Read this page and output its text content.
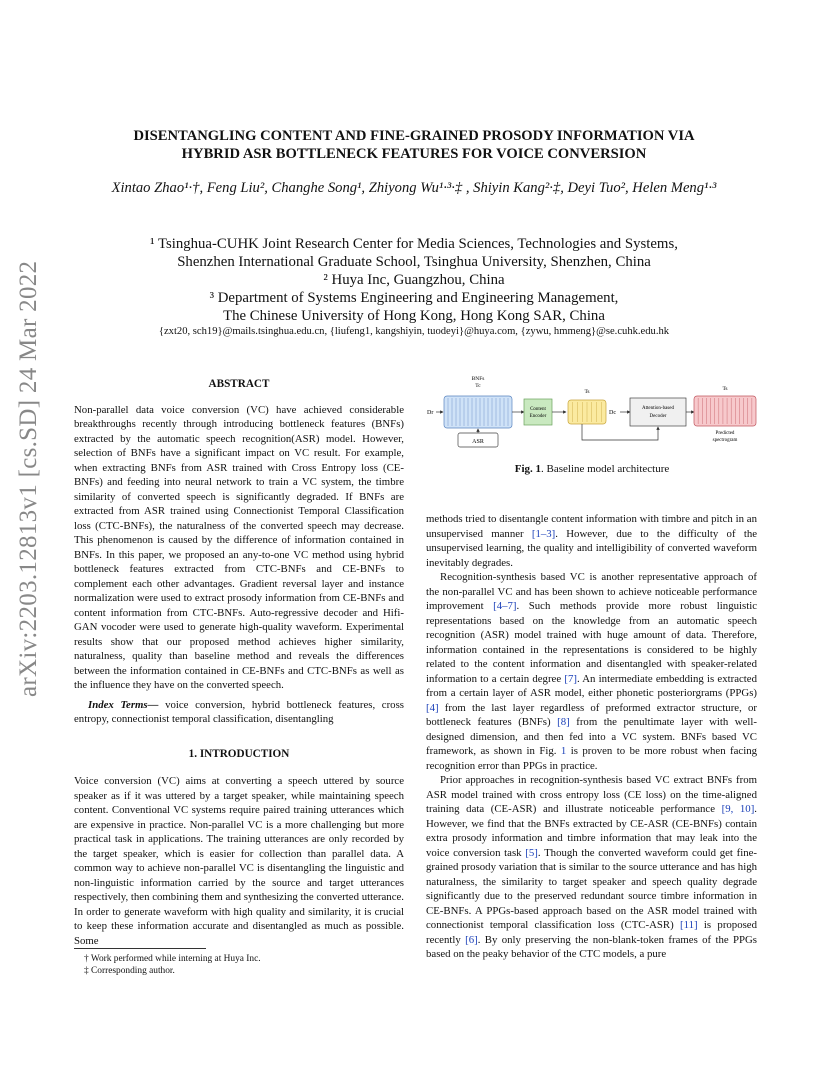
arXiv:2203.12813v1 [cs.SD] 24 Mar 2022
DISENTANGLING CONTENT AND FINE-GRAINED PROSODY INFORMATION VIA
HYBRID ASR BOTTLENECK FEATURES FOR VOICE CONVERSION
Xintao Zhao¹·†, Feng Liu², Changhe Song¹, Zhiyong Wu¹·³·‡ , Shiyin Kang²·‡, Deyi Tuo², Helen Meng¹·³
¹ Tsinghua-CUHK Joint Research Center for Media Sciences, Technologies and Systems,
Shenzhen International Graduate School, Tsinghua University, Shenzhen, China
² Huya Inc, Guangzhou, China
³ Department of Systems Engineering and Engineering Management,
The Chinese University of Hong Kong, Hong Kong SAR, China
{zxt20, sch19}@mails.tsinghua.edu.cn, {liufeng1, kangshiyin, tuodeyi}@huya.com, {zywu, hmmeng}@se.cuhk.edu.hk
ABSTRACT

Non-parallel data voice conversion (VC) have achieved considerable breakthroughs recently through introducing bottleneck features (BNFs) extracted by the automatic speech recognition(ASR) model. However, selection of BNFs have a significant impact on VC result. For example, when extracting BNFs from ASR trained with Cross Entropy loss (CE-BNFs) and feeding into neural network to train a VC system, the timbre similarity of converted speech is significantly degraded. If BNFs are extracted from ASR trained using Connectionist Temporal Classification loss (CTC-BNFs), the naturalness of the converted speech may decrease. This phenomenon is caused by the difference of information contained in BNFs. In this paper, we proposed an any-to-one VC method using hybrid bottleneck features extracted from CTC-BNFs and CE-BNFs to complement each other advantages. Gradient reversal layer and instance normalization were used to extract prosody information from CE-BNFs and content information from CTC-BNFs. Auto-regressive decoder and Hifi-GAN vocoder were used to generate high-quality waveform. Experimental results show that our proposed method achieves higher similarity, naturalness, quality than baseline method and reveals the differences between the information contained in CE-BNFs and CTC-BNFs as well as the influence they have on the converted speech.

Index Terms— voice conversion, hybrid bottleneck features, cross entropy, connectionist temporal classification, disentangling

1. INTRODUCTION

Voice conversion (VC) aims at converting a speech uttered by source speaker as if it was uttered by a target speaker, while maintaining speech content. Conventional VC systems require paired training utterances which are expensive in practice. Non-parallel VC is a more challenging but more practical task in applications. The training utterances are only recorded by the target speaker, which is easier for collection than parallel data. A common way to achieve non-parallel VC is disentangling the linguistic and non-linguistic information carried by the source and target utterances respectively, then combining them and synthesizing the converted utterance. In order to generate waveform with high quality and similarity, it is crucial to keep these information accurate and disentangled as much as possible. Some

† Work performed while interning at Huya Inc.
‡ Corresponding author.
BNFs
Tc
Dr
ASR
Content
Encoder
Ts
Dc
Attention-based
Decoder
Ts
Predicted
spectrogram
Fig. 1. Baseline model architecture

methods tried to disentangle content information with timbre and pitch in an unsupervised manner [1–3]. However, due to the difficulty of the unsupervised learning, the quality and intelligibility of converted waveform inevitably degrades.

Recognition-synthesis based VC is another representative approach of the non-parallel VC and has been shown to achieve noticeable performance improvement [4–7]. Such methods provide more robust linguistic representations based on the knowledge from an automatic speech recognition (ASR) model trained with huge amount of data. Therefore, information contained in the representations is considered to be highly related to the content information and disentangled with speaker-related information to a certain degree [7]. An intermediate embedding is extracted from a certain layer of ASR model, either phonetic posteriorgrams (PPGs) [4] from the last layer regardless of preformed extractor structure, or bottleneck features (BNFs) [8] from the penultimate layer with well-designed dimension, and then fed into a VC system. BNFs based VC framework, as shown in Fig. 1 is proven to be more robust when facing recognition error than PPGs in practice.

Prior approaches in recognition-synthesis based VC extract BNFs from ASR model trained with cross entropy loss (CE loss) on the time-aligned training data (CE-ASR) and illustrate noticeable performance [9, 10]. However, we find that the BNFs extracted by CE-ASR (CE-BNFs) contain extra prosody information and timbre information that may leak into the voice conversion task [5]. Though the converted waveform could get fine-grained prosody variation that is similar to the source utterance and has high naturalness, the similarity to target speaker and speech quality degrade significantly due to the preserved redundant source timbre information in CE-BNFs. A PPGs-based approach based on the ASR model trained with connectionist temporal classification loss (CTC-ASR) [11] is proposed recently [6]. By only preserving the non-blank-token frames of the PPGs based on the peaky behavior of the CTC models, a pure
